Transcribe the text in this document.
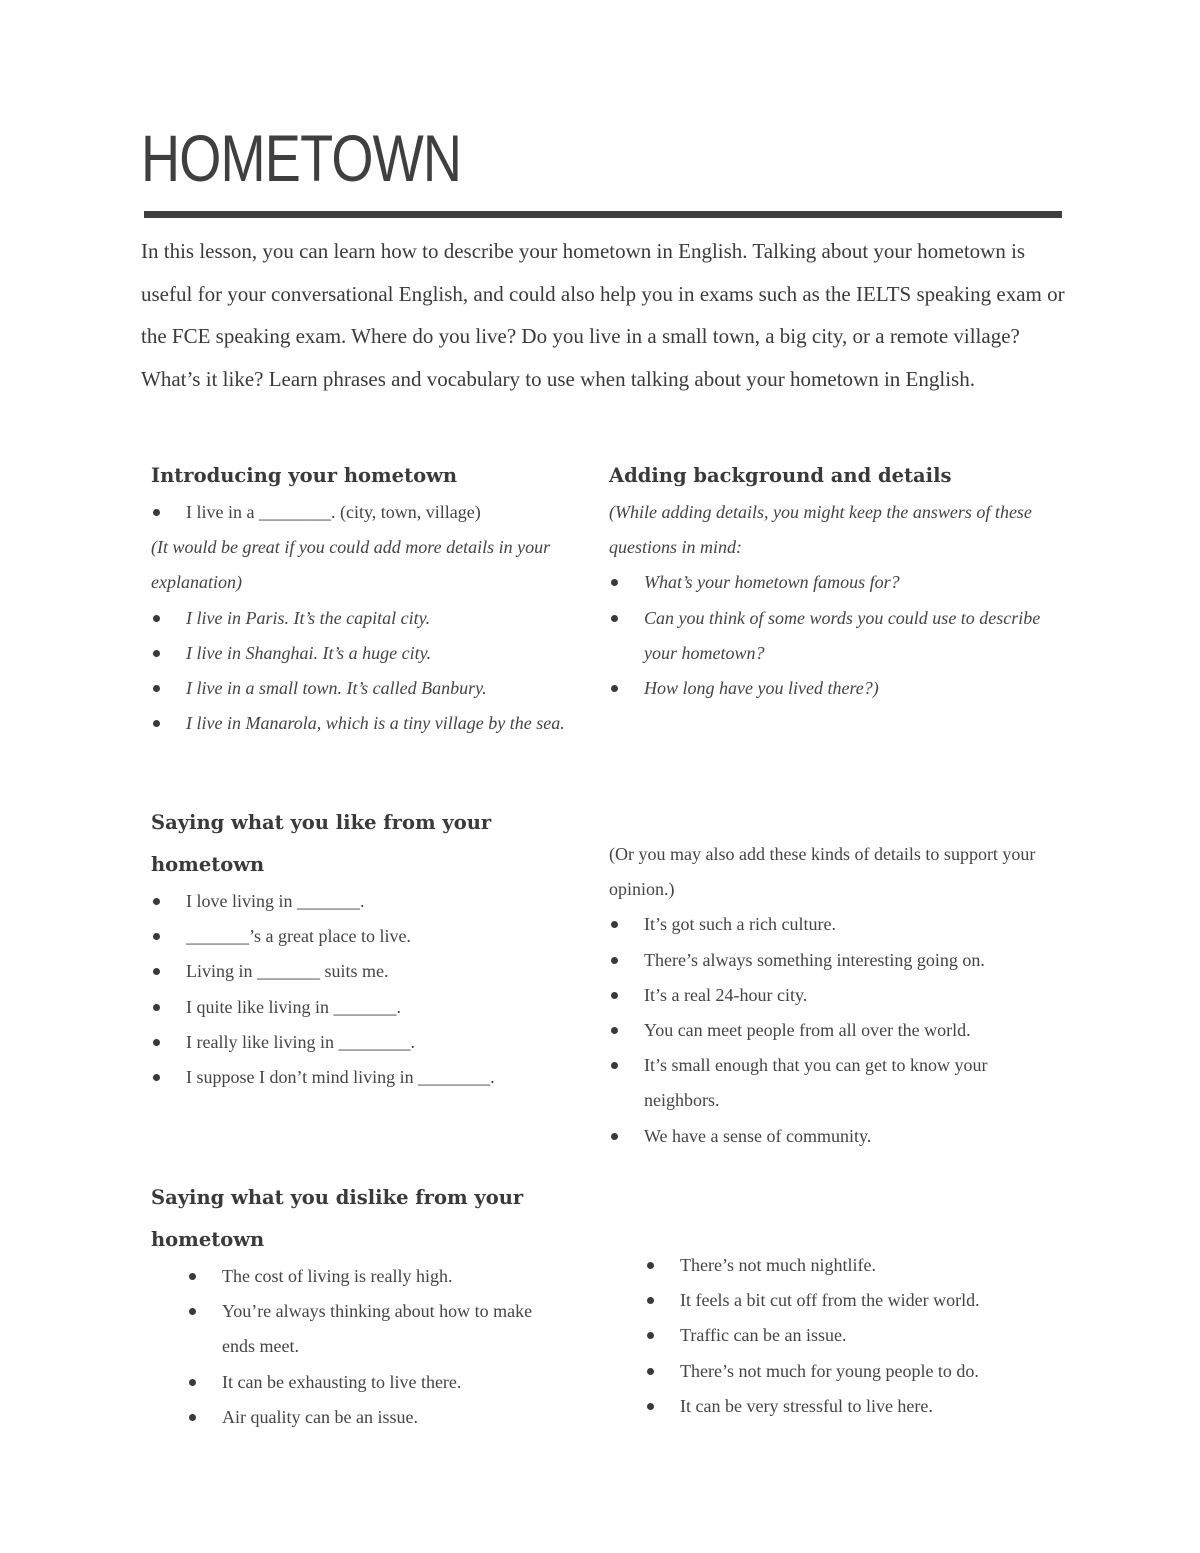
HOMETOWN

In this lesson, you can learn how to describe your hometown in English. Talking about your hometown is useful for your conversational English, and could also help you in exams such as the IELTS speaking exam or the FCE speaking exam. Where do you live? Do you live in a small town, a big city, or a remote village? What’s it like? Learn phrases and vocabulary to use when talking about your hometown in English.

Introducing your hometown
I live in a ________. (city, town, village)

(It would be great if you could add more details in your explanation)

I live in Paris. It’s the capital city.
I live in Shanghai. It’s a huge city.
I live in a small town. It’s called Banbury.
I live in Manarola, which is a tiny village by the sea.
Adding background and details

(While adding details, you might keep the answers of these questions in mind:

What’s your hometown famous for?
Can you think of some words you could use to describe your hometown?
How long have you lived there?)
Saying what you like from your hometown
I love living in _______.
_______’s a great place to live.
Living in _______ suits me.
I quite like living in _______.
I really like living in ________.
I suppose I don’t mind living in ________.

(Or you may also add these kinds of details to support your opinion.)

It’s got such a rich culture.
There’s always something interesting going on.
It’s a real 24-hour city.
You can meet people from all over the world.
It’s small enough that you can get to know your neighbors.
We have a sense of community.
Saying what you dislike from your hometown
The cost of living is really high.
You’re always thinking about how to make ends meet.
It can be exhausting to live there.
Air quality can be an issue.
There’s not much nightlife.
It feels a bit cut off from the wider world.
Traffic can be an issue.
There’s not much for young people to do.
It can be very stressful to live here.
